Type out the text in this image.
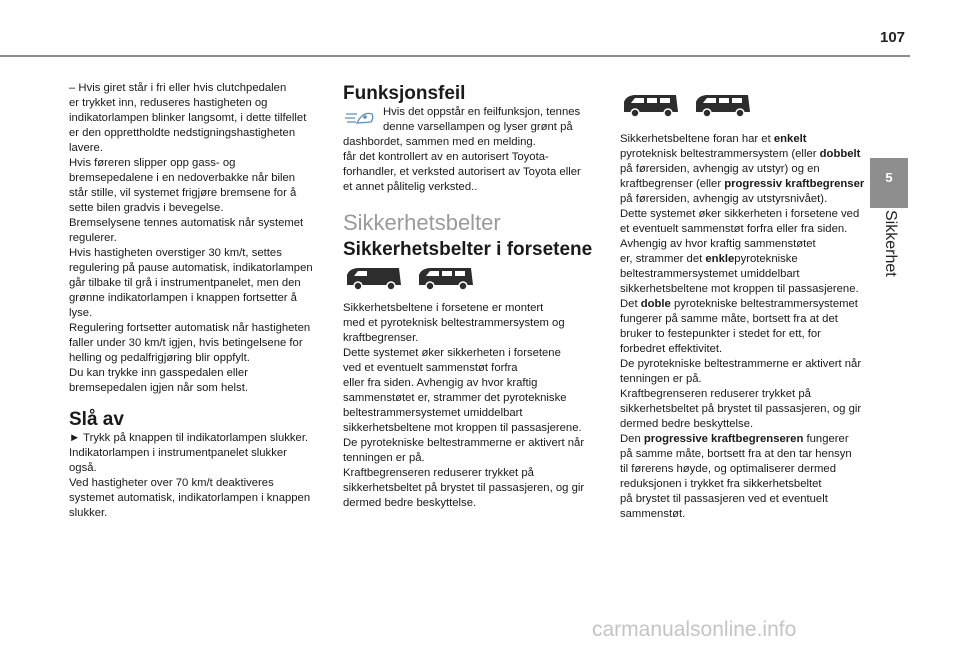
107
5
Sikkerhet

– Hvis giret står i fri eller hvis clutchpedalen
er trykket inn, reduseres hastigheten og
indikatorlampen blinker langsomt, i dette tilfellet
er den opprettholdte nedstigningshastigheten
lavere.
Hvis føreren slipper opp gass- og
bremsepedalene i en nedoverbakke når bilen
står stille, vil systemet frigjøre bremsene for å
sette bilen gradvis i bevegelse.
Bremselysene tennes automatisk når systemet
regulerer.
Hvis hastigheten overstiger 30 km/t, settes
regulering på pause automatisk, indikatorlampen
går tilbake til grå i instrumentpanelet, men den
grønne indikatorlampen i knappen fortsetter å
lyse.
Regulering fortsetter automatisk når hastigheten
faller under 30 km/t igjen, hvis betingelsene for
helling og pedalfrigjøring blir oppfylt.
Du kan trykke inn gasspedalen eller
bremsepedalen igjen når som helst.

Slå av

► Trykk på knappen til indikatorlampen slukker.
Indikatorlampen i instrumentpanelet slukker
også.
Ved hastigheter over 70 km/t deaktiveres
systemet automatisk, indikatorlampen i knappen
slukker.

Funksjonsfeil

Hvis det oppstår en feilfunksjon, tennes
denne varsellampen og lyser grønt på

dashbordet, sammen med en melding.
får det kontrollert av en autorisert Toyota-
forhandler, et verksted autorisert av Toyota eller
et annet pålitelig verksted..

Sikkerhetsbelter
Sikkerhetsbelter i forsetene

Sikkerhetsbeltene i forsetene er montert
med et pyroteknisk beltestrammersystem og
kraftbegrenser.
Dette systemet øker sikkerheten i forsetene
ved et eventuelt sammenstøt forfra
eller fra siden. Avhengig av hvor kraftig
sammenstøtet er, strammer det pyrotekniske
beltestrammersystemet umiddelbart
sikkerhetsbeltene mot kroppen til passasjerene.
De pyrotekniske beltestrammerne er aktivert når
tenningen er på.
Kraftbegrenseren reduserer trykket på
sikkerhetsbeltet på brystet til passasjeren, og gir
dermed bedre beskyttelse.

Sikkerhetsbeltene foran har et enkelt
pyroteknisk beltestrammersystem (eller dobbelt
på førersiden, avhengig av utstyr) og en
kraftbegrenser (eller progressiv kraftbegrenser
på førersiden, avhengig av utstyrsnivået).
Dette systemet øker sikkerheten i forsetene ved
et eventuelt sammenstøt forfra eller fra siden.
Avhengig av hvor kraftig sammenstøtet
er, strammer det enklepyrotekniske
beltestrammersystemet umiddelbart
sikkerhetsbeltene mot kroppen til passasjerene.
Det doble pyrotekniske beltestrammersystemet
fungerer på samme måte, bortsett fra at det
bruker to festepunkter i stedet for ett, for
forbedret effektivitet.
De pyrotekniske beltestrammerne er aktivert når
tenningen er på.
Kraftbegrenseren reduserer trykket på
sikkerhetsbeltet på brystet til passasjeren, og gir
dermed bedre beskyttelse.
Den progressive kraftbegrenseren fungerer
på samme måte, bortsett fra at den tar hensyn
til førerens høyde, og optimaliserer dermed
reduksjonen i trykket fra sikkerhetsbeltet
på brystet til passasjeren ved et eventuelt
sammenstøt.

carmanualsonline.info
